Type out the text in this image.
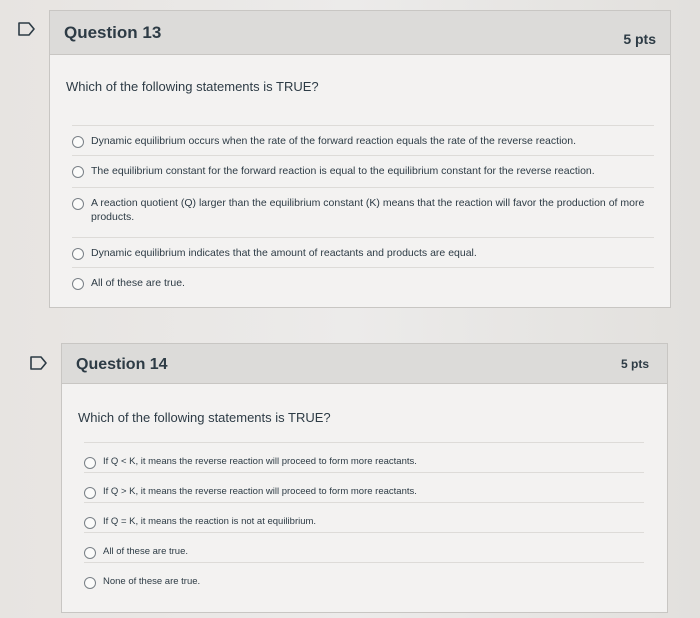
Question 13	5 pts
Which of the following statements is TRUE?
Dynamic equilibrium occurs when the rate of the forward reaction equals the rate of the reverse reaction.
The equilibrium constant for the forward reaction is equal to the equilibrium constant for the reverse reaction.
A reaction quotient (Q) larger than the equilibrium constant (K) means that the reaction will favor the production of more products.
Dynamic equilibrium indicates that the amount of reactants and products are equal.
All of these are true.
Question 14	5 pts
Which of the following statements is TRUE?
If Q < K, it means the reverse reaction will proceed to form more reactants.
If Q > K, it means the reverse reaction will proceed to form more reactants.
If Q = K, it means the reaction is not at equilibrium.
All of these are true.
None of these are true.
